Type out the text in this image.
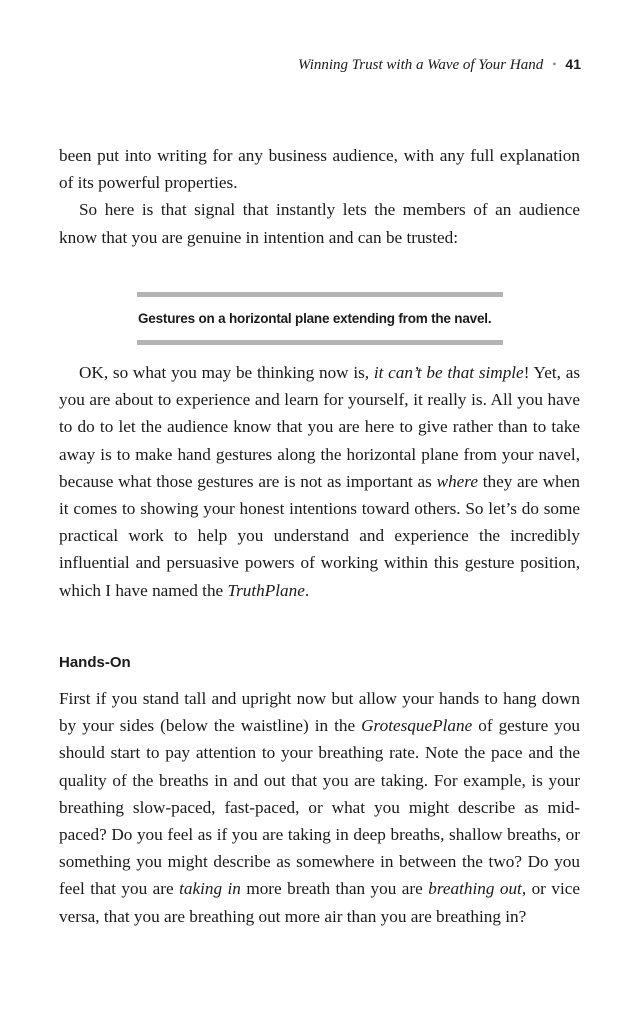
Winning Trust with a Wave of Your Hand • 41

been put into writing for any business audience, with any full explanation of its powerful properties.

So here is that signal that instantly lets the members of an audience know that you are genuine in intention and can be trusted:

Gestures on a horizontal plane extending from the navel.

OK, so what you may be thinking now is, it can’t be that simple! Yet, as you are about to experience and learn for yourself, it really is. All you have to do to let the audience know that you are here to give rather than to take away is to make hand gestures along the horizontal plane from your navel, because what those gestures are is not as important as where they are when it comes to showing your honest intentions toward others. So let’s do some practical work to help you understand and experience the incredibly influential and persuasive powers of working within this gesture position, which I have named the TruthPlane.

Hands-On

First if you stand tall and upright now but allow your hands to hang down by your sides (below the waistline) in the GrotesquePlane of gesture you should start to pay attention to your breathing rate. Note the pace and the quality of the breaths in and out that you are taking. For example, is your breathing slow-paced, fast-paced, or what you might describe as mid-paced? Do you feel as if you are taking in deep breaths, shallow breaths, or something you might describe as somewhere in between the two? Do you feel that you are taking in more breath than you are breathing out, or vice versa, that you are breathing out more air than you are breathing in?
